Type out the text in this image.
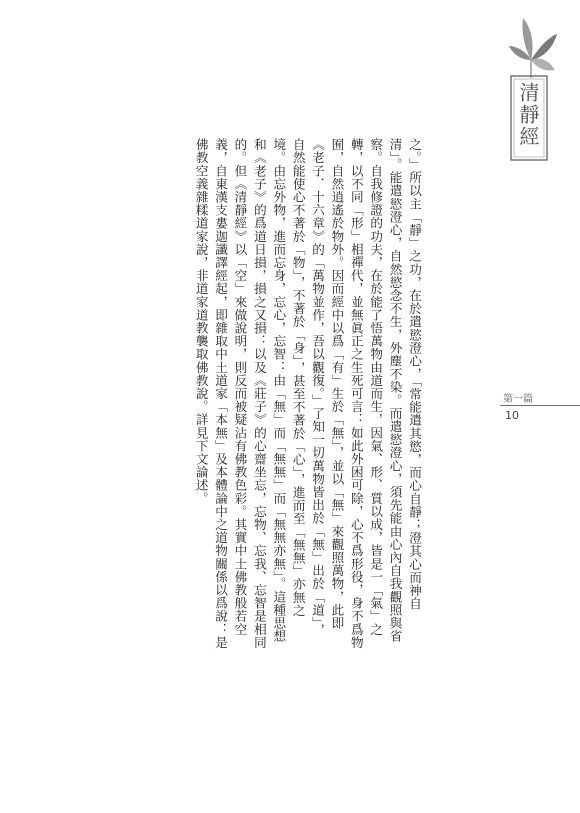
清靜經
之。」所以主「靜」之功，在於遣慾澄心，「常能遣其慾，而心自靜；澄其心而神自
清」。能遣慾澄心，自然慾念不生，外塵不染。而遣慾澄心，須先能由心內自我觀照與省
察。自我修證的功夫，在於能了悟萬物由道而生，因氣、形、質以成，皆是一「氣」之
轉，以不同「形」相禪代，並無眞正之生死可言：如此外困可除，心不爲形役，身不爲物
囿，自然逍遙於物外。因而經中以爲「有」生於「無」，並以「無」來觀照萬物，此即
《老子．十六章》的「萬物並作，吾以觀復。」了知一切萬物皆出於「無」出於「道」，
自然能使心不著於「物」，不著於「身」，甚至不著於「心」，進而至「無無」亦無之
境。由忘外物，進而忘身，忘心，忘智：由「無」而「無無」而「無無亦無」。這種思想
和《老子》的爲道日損，損之又損：以及《莊子》的心齋坐忘，忘物、忘我、忘智是相同
的。但《清靜經》以「空」來做說明，則反而被疑沾有佛教色彩。其實中土佛教般若空
義，自東漢支婁迦讖譯經起，即雜取中土道家「本無」及本體論中之道物關係以爲說：是
佛教空義雜糅道家說，非道家道教襲取佛教說。詳見下文論述。	第一篇
10
